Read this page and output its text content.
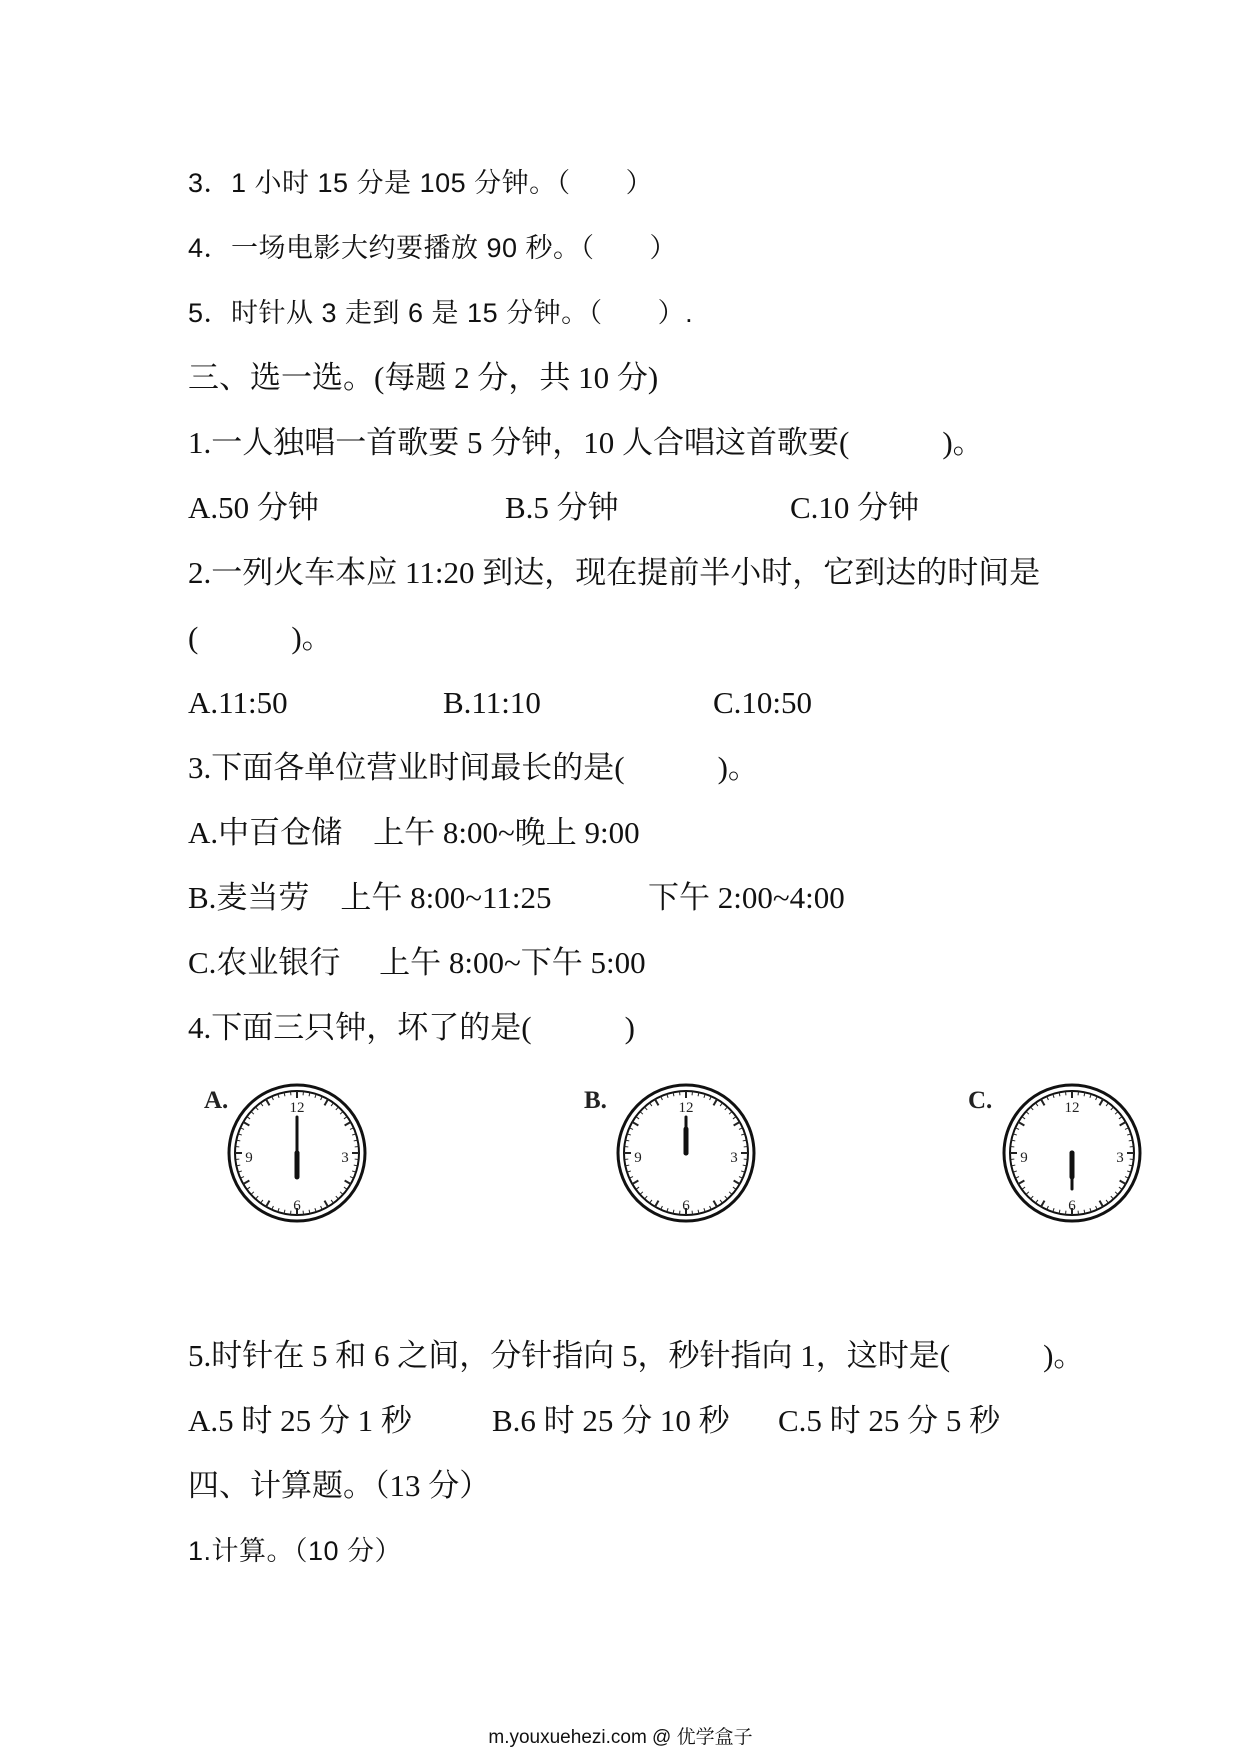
3．1 小时 15 分是 105 分钟。（　　）
4．一场电影大约要播放 90 秒。（　　）
5．时针从 3 走到 6 是 15 分钟。（　　）.
三、选一选。(每题 2 分，共 10 分)
1.一人独唱一首歌要 5 分钟，10 人合唱这首歌要(　　　)。
A.50 分钟	B.5 分钟	C.10 分钟
2.一列火车本应 11:20 到达，现在提前半小时，它到达的时间是
(　　　)。
A.11:50	B.11:10	C.10:50
3.下面各单位营业时间最长的是(　　　)。
A.中百仓储　上午 8:00~晚上 9:00
B.麦当劳　上午 8:00~11:25	下午 2:00~4:00
C.农业银行　 上午 8:00~下午 5:00
4.下面三只钟，坏了的是(　　　)
A.	B.	C.
12
3
6
9
12
3
6
9
12
3
6
9
5.时针在 5 和 6 之间，分针指向 5，秒针指向 1，这时是(　　　)。
A.5 时 25 分 1 秒	B.6 时 25 分 10 秒 C.5 时 25 分 5 秒
四、计算题。（13 分）
1.计算。（10 分）
m.youxuehezi.com @ 优学盒子
